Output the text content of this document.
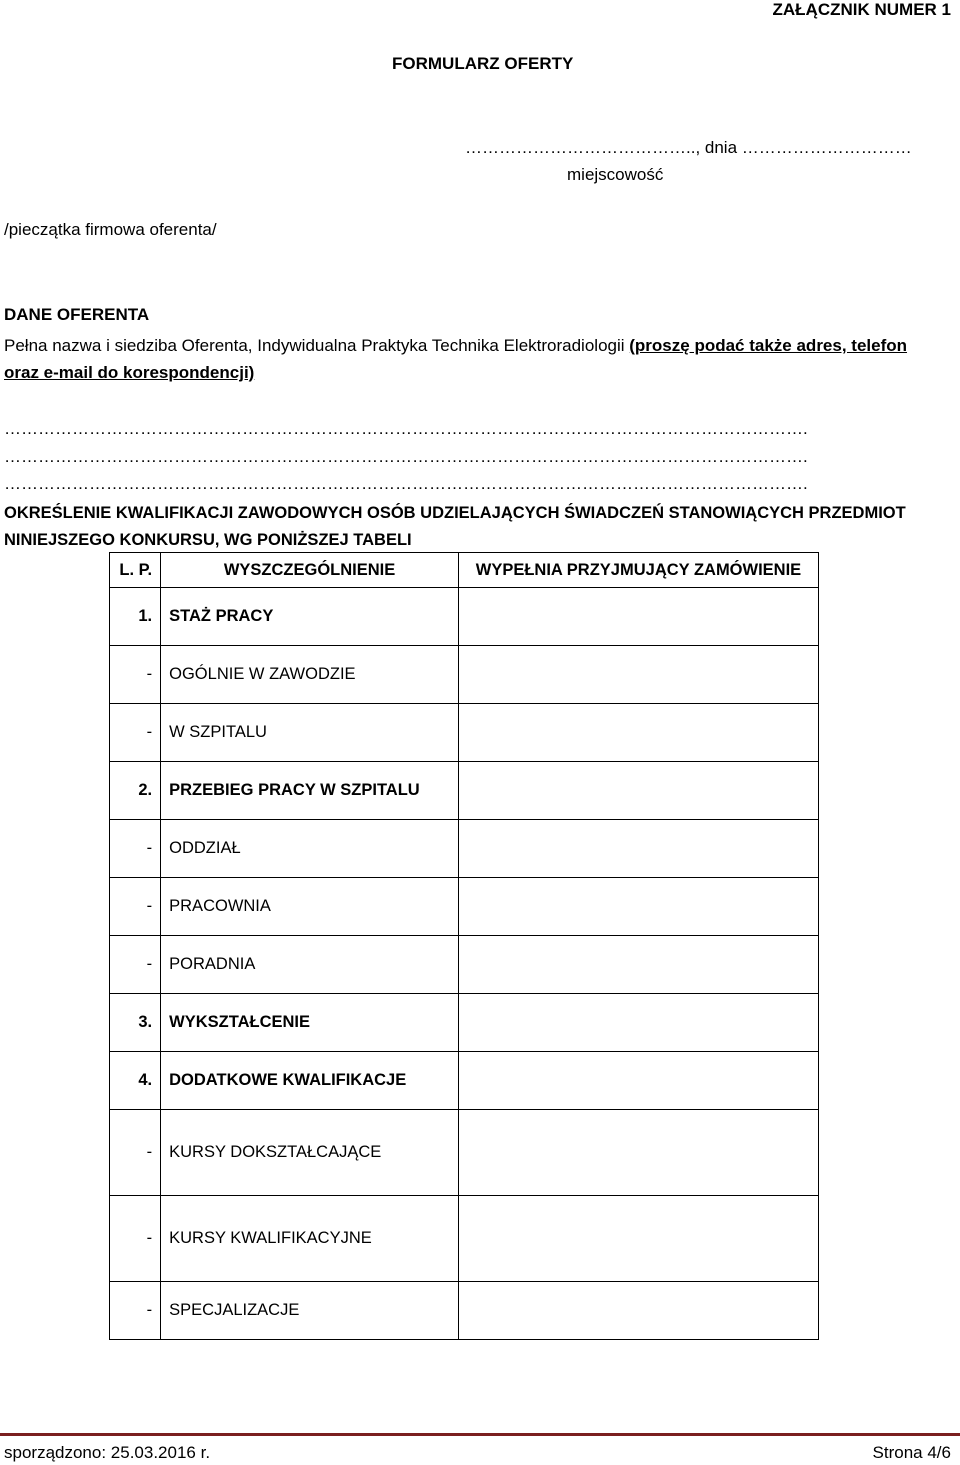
ZAŁĄCZNIK NUMER 1
FORMULARZ OFERTY
………………………………….., dnia …………………………
miejscowość
/pieczątka firmowa oferenta/
DANE OFERENTA
Pełna nazwa i siedziba Oferenta, Indywidualna Praktyka Technika Elektroradiologii (proszę podać także adres, telefon oraz e-mail do korespondencji)
…………………………………………………………………………………………………………………………….
…………………………………………………………………………………………………………………………….
…………………………………………………………………………………………………………………………….
OKREŚLENIE KWALIFIKACJI ZAWODOWYCH OSÓB UDZIELAJĄCYCH ŚWIADCZEŃ STANOWIĄCYCH PRZEDMIOT NINIEJSZEGO KONKURSU, WG PONIŻSZEJ TABELI
L. P.	WYSZCZEGÓLNIENIE	WYPEŁNIA PRZYJMUJĄCY ZAMÓWIENIE
1.	STAŻ PRACY	
-	OGÓLNIE W ZAWODZIE	
-	W SZPITALU	
2.	PRZEBIEG PRACY W SZPITALU	
-	ODDZIAŁ	
-	PRACOWNIA	
-	PORADNIA	
3.	WYKSZTAŁCENIE	
4.	DODATKOWE KWALIFIKACJE	
-	KURSY DOKSZTAŁCAJĄCE	
-	KURSY KWALIFIKACYJNE	
-	SPECJALIZACJE	
sporządzono: 25.03.2016 r.	Strona 4/6
